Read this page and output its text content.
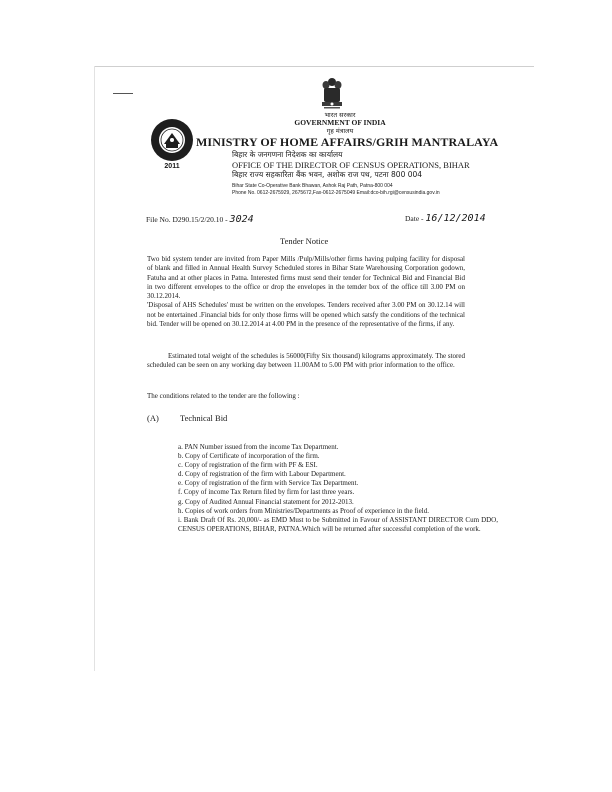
2011
भारत सरकार
GOVERNMENT OF INDIA
गृह मंत्रालय
MINISTRY OF HOME AFFAIRS/GRIH MANTRALAYA
बिहार के जनगणना निदेशक का कार्यालय
OFFICE OF THE DIRECTOR OF CENSUS OPERATIONS, BIHAR
बिहार राज्य सहकारिता बैंक भवन, अशोक राज पथ, पटना 800 004
Bihar State Co-Operative Bank Bhawan, Ashok Raj Path, Patna-800 004
Phone No. 0612-2675929, 2675672,Fax-0612-2675049 Email:dco-bih.rgi@censusindia.gov.in
File No. D290.15/2/20.10 - 3024	Date - 16/12/2014
Tender Notice
Two bid system tender are invited from Paper Mills /Pulp/Mills/other firms having pulping facility for disposal of blank and filled in Annual Health Survey Scheduled stores in Bihar State Warehousing Corporation godown, Fatuha and at other places in Patna. Interested firms must send their tender for Technical Bid and Financial Bid in two different envelopes to the office or drop the envelopes in the temder box of the office till 3.00 PM on 30.12.2014.
'Disposal of AHS Schedules' must be written on the envelopes. Tenders received after 3.00 PM on 30.12.14 will not be entertained .Financial bids for only those firms will be opened which satsfy the conditions of the technical bid. Tender will be opened on 30.12.2014 at 4.00 PM in the presence of the representative of the firms, if any.

Estimated total weight of the schedules is 56000(Fifty Six thousand) kilograms approximately. The stored scheduled can be seen on any working day between 11.00AM to 5.00 PM with prior information to the office.

The conditions related to the tender are the following :

(A) Technical Bid
a. PAN Number issued from the income Tax Department.
b. Copy of Certificate of incorporation of the firm.
c. Copy of registration of the firm with PF & ESI.
d. Copy of registration of the firm with Labour Department.
e. Copy of registration of the firm with Service Tax Department.
f. Copy of income Tax Return filed by firm for last three years.
g. Copy of Audited Annual Financial statement for 2012-2013.
h. Copies of work orders from Ministries/Departments as Proof of experience in the field.
i. Bank Draft Of Rs. 20,000/- as EMD Must to be Submitted in Favour of ASSISTANT DIRECTOR Cum DDO, CENSUS OPERATIONS, BIHAR, PATNA.Which will be returned after successful completion of the work.
